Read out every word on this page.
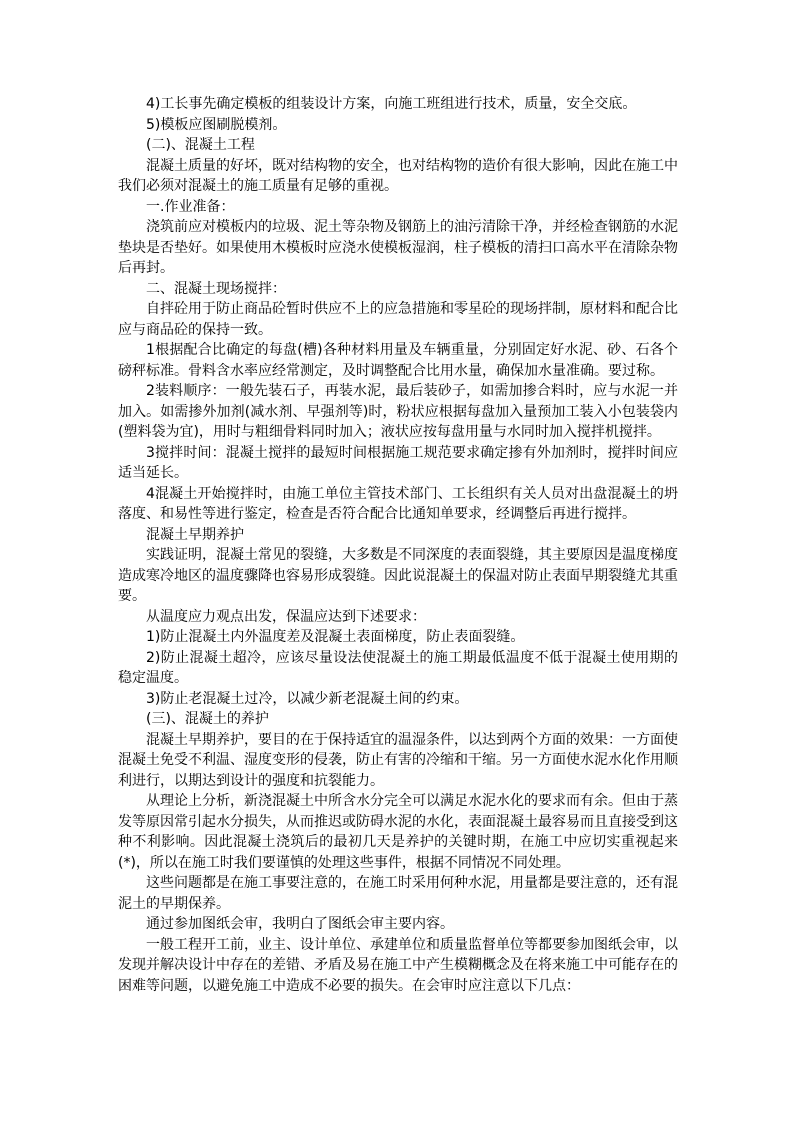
4)工长事先确定模板的组装设计方案，向施工班组进行技术，质量，安全交底。

5)模板应图刷脱模剂。

(二)、混凝土工程

混凝土质量的好坏，既对结构物的安全，也对结构物的造价有很大影响，因此在施工中我们必须对混凝土的施工质量有足够的重视。

一.作业准备：

浇筑前应对模板内的垃圾、泥土等杂物及钢筋上的油污清除干净，并经检查钢筋的水泥垫块是否垫好。如果使用木模板时应浇水使模板湿润，柱子模板的清扫口高水平在清除杂物后再封。

二、混凝土现场搅拌：

自拌砼用于防止商品砼暂时供应不上的应急措施和零星砼的现场拌制，原材料和配合比应与商品砼的保持一致。

1根据配合比确定的每盘(槽)各种材料用量及车辆重量，分别固定好水泥、砂、石各个磅秤标准。骨料含水率应经常测定，及时调整配合比用水量，确保加水量准确。要过称。

2装料顺序：一般先装石子，再装水泥，最后装砂子，如需加掺合料时，应与水泥一并加入。如需掺外加剂(减水剂、早强剂等)时，粉状应根据每盘加入量预加工装入小包装袋内(塑料袋为宜)，用时与粗细骨料同时加入；液状应按每盘用量与水同时加入搅拌机搅拌。

3搅拌时间：混凝土搅拌的最短时间根据施工规范要求确定掺有外加剂时，搅拌时间应适当延长。

4混凝土开始搅拌时，由施工单位主管技术部门、工长组织有关人员对出盘混凝土的坍落度、和易性等进行鉴定，检查是否符合配合比通知单要求，经调整后再进行搅拌。

混凝土早期养护

实践证明，混凝土常见的裂缝，大多数是不同深度的表面裂缝，其主要原因是温度梯度造成寒冷地区的温度骤降也容易形成裂缝。因此说混凝土的保温对防止表面早期裂缝尤其重要。

从温度应力观点出发，保温应达到下述要求：

1)防止混凝土内外温度差及混凝土表面梯度，防止表面裂缝。

2)防止混凝土超冷，应该尽量设法使混凝土的施工期最低温度不低于混凝土使用期的稳定温度。

3)防止老混凝土过冷，以减少新老混凝土间的约束。

(三)、混凝土的养护

混凝土早期养护，要目的在于保持适宜的温湿条件，以达到两个方面的效果：一方面使混凝土免受不利温、湿度变形的侵袭，防止有害的冷缩和干缩。另一方面使水泥水化作用顺利进行，以期达到设计的强度和抗裂能力。

从理论上分析，新浇混凝土中所含水分完全可以满足水泥水化的要求而有余。但由于蒸发等原因常引起水分损失，从而推迟或防碍水泥的水化，表面混凝土最容易而且直接受到这种不利影响。因此混凝土浇筑后的最初几天是养护的关键时期，在施工中应切实重视起来(*)，所以在施工时我们要谨慎的处理这些事件，根据不同情况不同处理。

这些问题都是在施工事要注意的，在施工时采用何种水泥，用量都是要注意的，还有混泥土的早期保养。

通过参加图纸会审，我明白了图纸会审主要内容。

一般工程开工前，业主、设计单位、承建单位和质量监督单位等都要参加图纸会审，以发现并解决设计中存在的差错、矛盾及易在施工中产生模糊概念及在将来施工中可能存在的困难等问题，以避免施工中造成不必要的损失。在会审时应注意以下几点：
